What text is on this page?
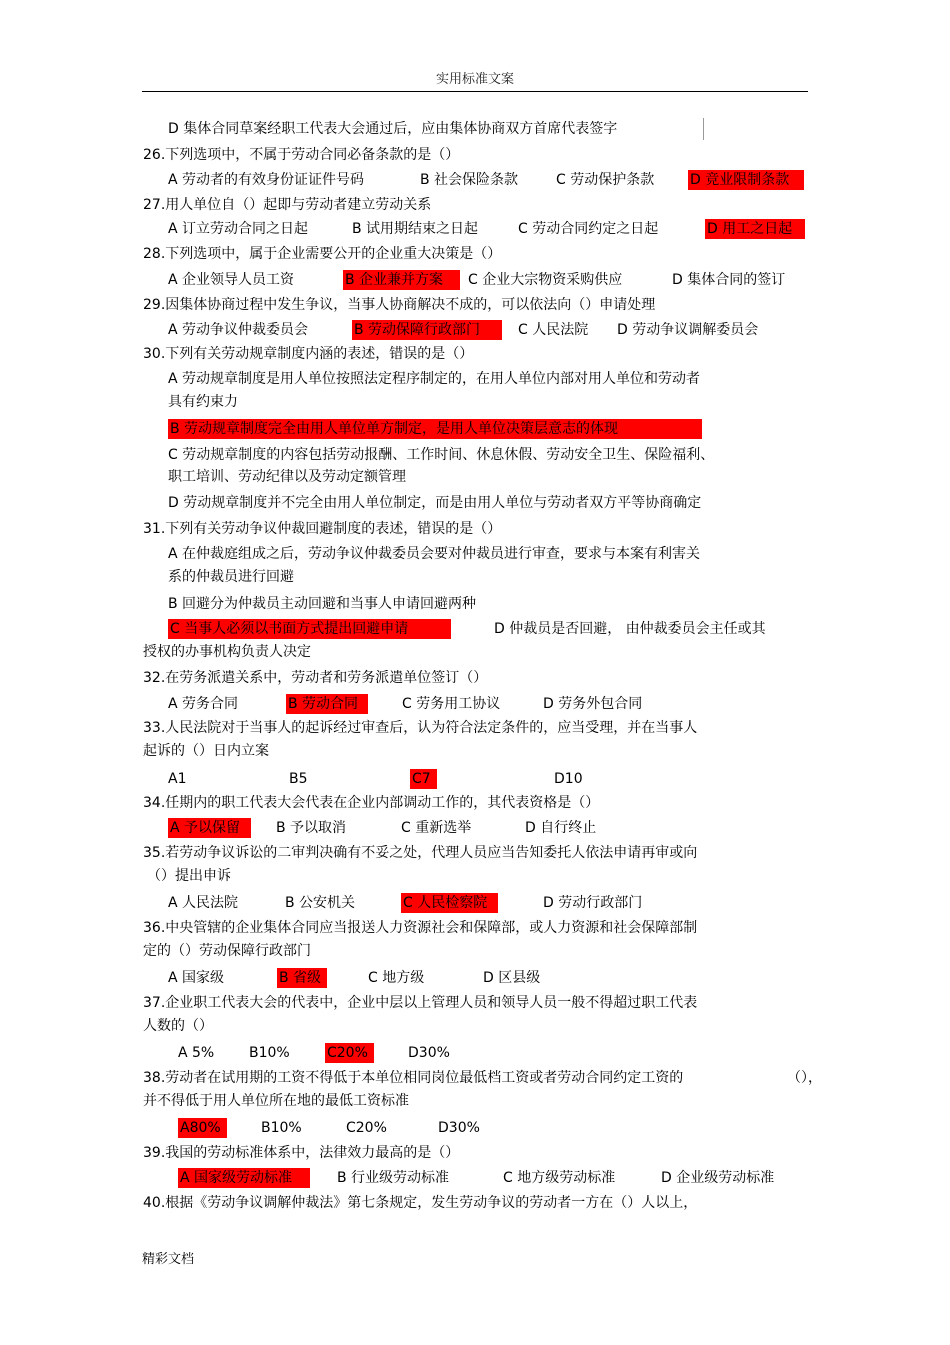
实用标准文案
D 集体合同草案经职工代表大会通过后，应由集体协商双方首席代表签字
26.下列选项中，不属于劳动合同必备条款的是（）
A 劳动者的有效身份证证件号码	B 社会保险条款	C 劳动保护条款	D 竞业限制条款
27.用人单位自（）起即与劳动者建立劳动关系
A 订立劳动合同之日起	B 试用期结束之日起	C 劳动合同约定之日起	D 用工之日起
28.下列选项中，属于企业需要公开的企业重大决策是（）
A 企业领导人员工资	B 企业兼并方案	C 企业大宗物资采购供应	D 集体合同的签订
29.因集体协商过程中发生争议，当事人协商解决不成的，可以依法向（）申请处理
A 劳动争议仲裁委员会	B 劳动保障行政部门	C 人民法院 D 劳动争议调解委员会
30.下列有关劳动规章制度内涵的表述，错误的是（）
A 劳动规章制度是用人单位按照法定程序制定的，在用人单位内部对用人单位和劳动者
具有约束力
B 劳动规章制度完全由用人单位单方制定，是用人单位决策层意志的体现
C 劳动规章制度的内容包括劳动报酬、工作时间、休息休假、劳动安全卫生、保险福利、
职工培训、劳动纪律以及劳动定额管理
D 劳动规章制度并不完全由用人单位制定，而是由用人单位与劳动者双方平等协商确定
31.下列有关劳动争议仲裁回避制度的表述，错误的是（）
A 在仲裁庭组成之后，劳动争议仲裁委员会要对仲裁员进行审查，要求与本案有利害关
系的仲裁员进行回避
B 回避分为仲裁员主动回避和当事人申请回避两种
C 当事人必须以书面方式提出回避申请	D 仲裁员是否回避， 由仲裁委员会主任或其
授权的办事机构负责人决定
32.在劳务派遣关系中，劳动者和劳务派遣单位签订（）
A 劳务合同	B 劳动合同	C 劳务用工协议	D 劳务外包合同
33.人民法院对于当事人的起诉经过审查后，认为符合法定条件的，应当受理，并在当事人
起诉的（）日内立案
A1	B5	C7	D10
34.任期内的职工代表大会代表在企业内部调动工作的，其代表资格是（）
A 予以保留	B 予以取消	C 重新选举	D 自行终止
35.若劳动争议诉讼的二审判决确有不妥之处，代理人员应当告知委托人依法申请再审或向
（）提出申诉
A 人民法院	B 公安机关	C 人民检察院	D 劳动行政部门
36.中央管辖的企业集体合同应当报送人力资源社会和保障部，或人力资源和社会保障部制
定的（）劳动保障行政部门
A 国家级	B 省级	C 地方级	D 区县级
37.企业职工代表大会的代表中，企业中层以上管理人员和领导人员一般不得超过职工代表
人数的（）
A 5% B10%	C20%	D30%
38.劳动者在试用期的工资不得低于本单位相同岗位最低档工资或者劳动合同约定工资的	（），
并不得低于用人单位所在地的最低工资标准
A80%	B10%	C20%	D30%
39.我国的劳动标准体系中，法律效力最高的是（）
A 国家级劳动标准	B 行业级劳动标准	C 地方级劳动标准	D 企业级劳动标准
40.根据《劳动争议调解仲裁法》第七条规定，发生劳动争议的劳动者一方在（）人以上，
精彩文档
